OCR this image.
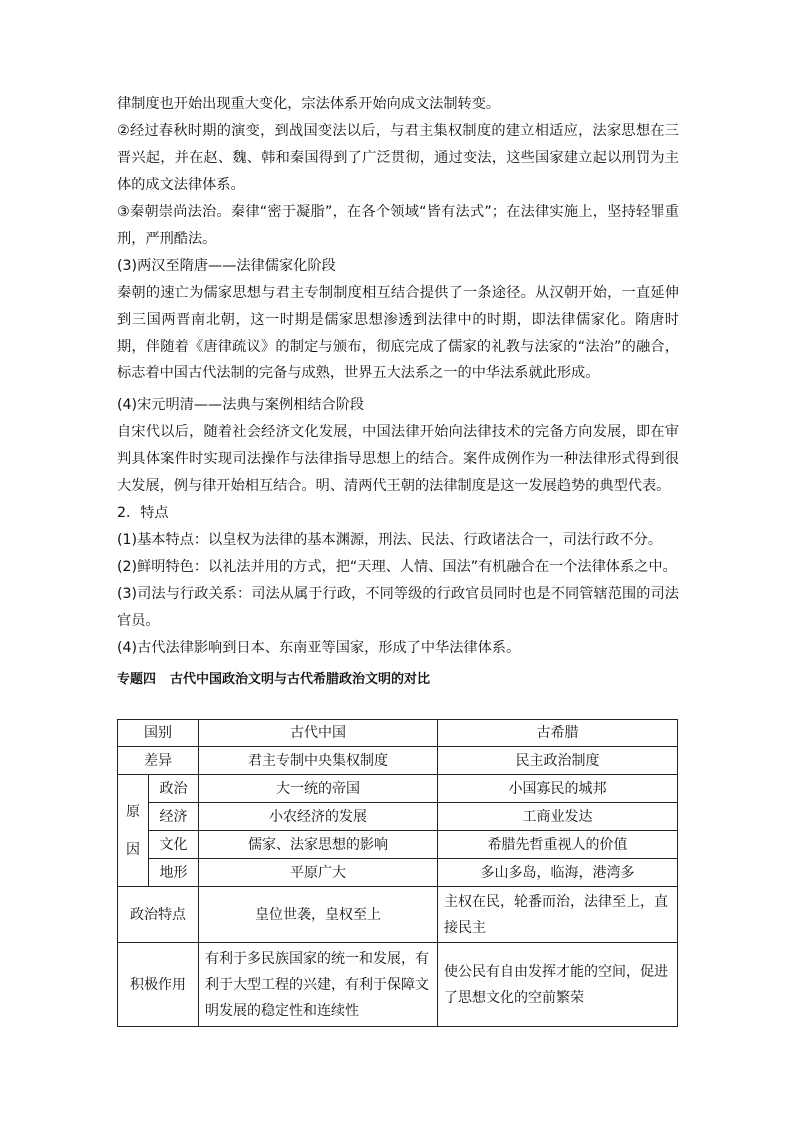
律制度也开始出现重大变化，宗法体系开始向成文法制转变。

②经过春秋时期的演变，到战国变法以后，与君主集权制度的建立相适应，法家思想在三晋兴起，并在赵、魏、韩和秦国得到了广泛贯彻，通过变法，这些国家建立起以刑罚为主体的成文法律体系。

③秦朝崇尚法治。秦律“密于凝脂”，在各个领域“皆有法式”；在法律实施上，坚持轻罪重刑，严刑酷法。

(3)两汉至隋唐——法律儒家化阶段

秦朝的速亡为儒家思想与君主专制制度相互结合提供了一条途径。从汉朝开始，一直延伸到三国两晋南北朝，这一时期是儒家思想渗透到法律中的时期，即法律儒家化。隋唐时期，伴随着《唐律疏议》的制定与颁布，彻底完成了儒家的礼教与法家的“法治”的融合，标志着中国古代法制的完备与成熟，世界五大法系之一的中华法系就此形成。

(4)宋元明清——法典与案例相结合阶段

自宋代以后，随着社会经济文化发展，中国法律开始向法律技术的完备方向发展，即在审判具体案件时实现司法操作与法律指导思想上的结合。案件成例作为一种法律形式得到很大发展，例与律开始相互结合。明、清两代王朝的法律制度是这一发展趋势的典型代表。

2．特点
(1)基本特点：以皇权为法律的基本渊源，刑法、民法、行政诸法合一，司法行政不分。
(2)鲜明特色：以礼法并用的方式，把“天理、人情、国法”有机融合在一个法律体系之中。

(3)司法与行政关系：司法从属于行政，不同等级的行政官员同时也是不同管辖范围的司法官员。

(4)古代法律影响到日本、东南亚等国家，形成了中华法律体系。
专题四 古代中国政治文明与古代希腊政治文明的对比
国别		古代中国	古希腊
差异		君主专制中央集权制度	民主政治制度

原
因	政治	大一统的帝国	小国寡民的城邦
	经济	小农经济的发展	工商业发达
	文化	儒家、法家思想的影响	希腊先哲重视人的价值
	地形	平原广大	多山多岛，临海，港湾多
政治特点		皇位世袭，皇权至上	主权在民，轮番而治，法律至上，直接民主
积极作用		有利于多民族国家的统一和发展，有利于大型工程的兴建，有利于保障文明发展的稳定性和连续性	使公民有自由发挥才能的空间，促进了思想文化的空前繁荣
